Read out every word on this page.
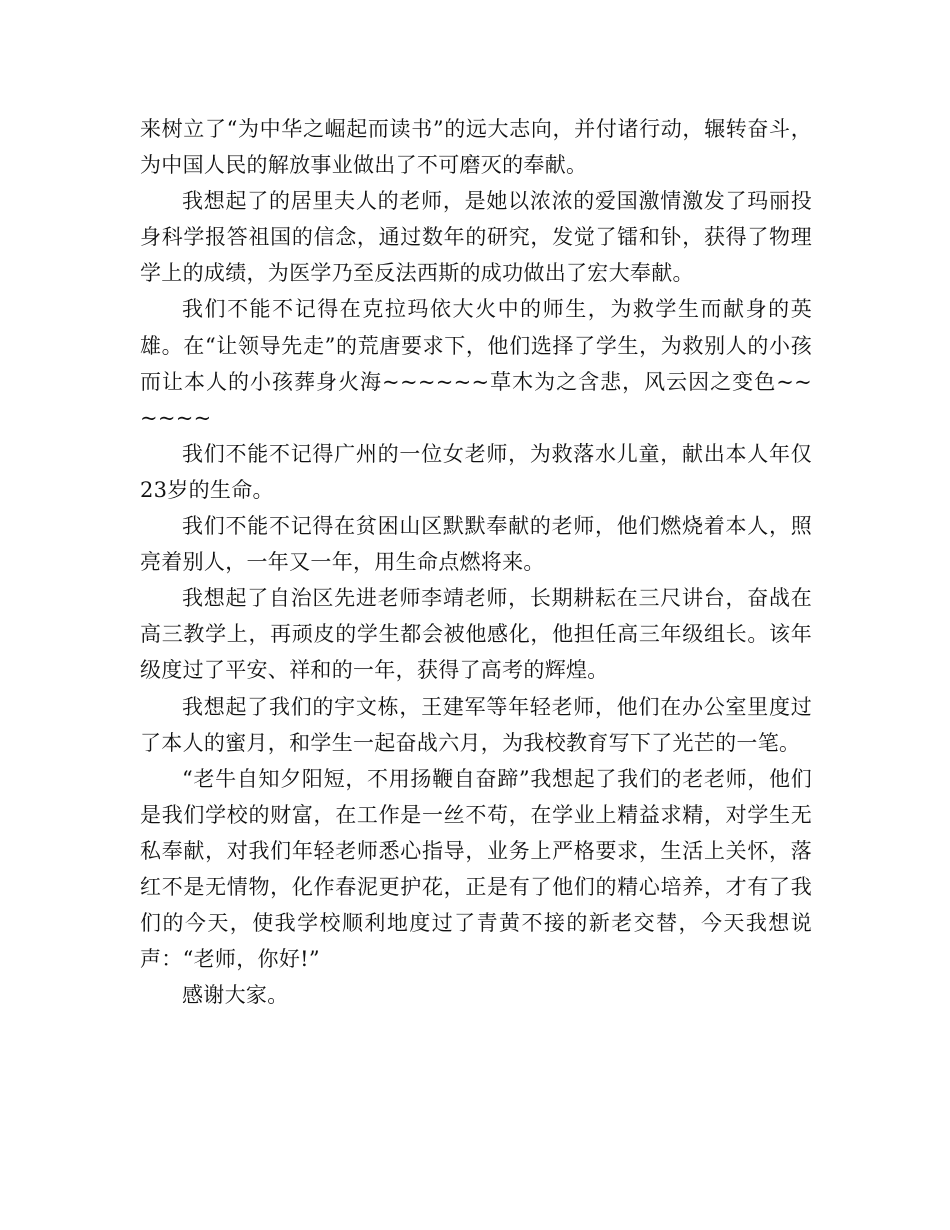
来树立了“为中华之崛起而读书”的远大志向，并付诸行动，辗转奋斗，为中国人民的解放事业做出了不可磨灭的奉献。

我想起了的居里夫人的老师，是她以浓浓的爱国激情激发了玛丽投身科学报答祖国的信念，通过数年的研究，发觉了镭和钋，获得了物理学上的成绩，为医学乃至反法西斯的成功做出了宏大奉献。

我们不能不记得在克拉玛依大火中的师生，为救学生而献身的英雄。在“让领导先走”的荒唐要求下，他们选择了学生，为救别人的小孩而让本人的小孩葬身火海~~~~~~草木为之含悲，风云因之变色~~~~~~

我们不能不记得广州的一位女老师，为救落水儿童，献出本人年仅23岁的生命。

我们不能不记得在贫困山区默默奉献的老师，他们燃烧着本人，照亮着别人，一年又一年，用生命点燃将来。

我想起了自治区先进老师李靖老师，长期耕耘在三尺讲台，奋战在高三教学上，再顽皮的学生都会被他感化，他担任高三年级组长。该年级度过了平安、祥和的一年，获得了高考的辉煌。

我想起了我们的宇文栋，王建军等年轻老师，他们在办公室里度过了本人的蜜月，和学生一起奋战六月，为我校教育写下了光芒的一笔。

“老牛自知夕阳短，不用扬鞭自奋蹄”我想起了我们的老老师，他们是我们学校的财富，在工作是一丝不苟，在学业上精益求精，对学生无私奉献，对我们年轻老师悉心指导，业务上严格要求，生活上关怀，落红不是无情物，化作春泥更护花，正是有了他们的精心培养，才有了我们的今天，使我学校顺利地度过了青黄不接的新老交替，今天我想说声：“老师，你好!”

感谢大家。
